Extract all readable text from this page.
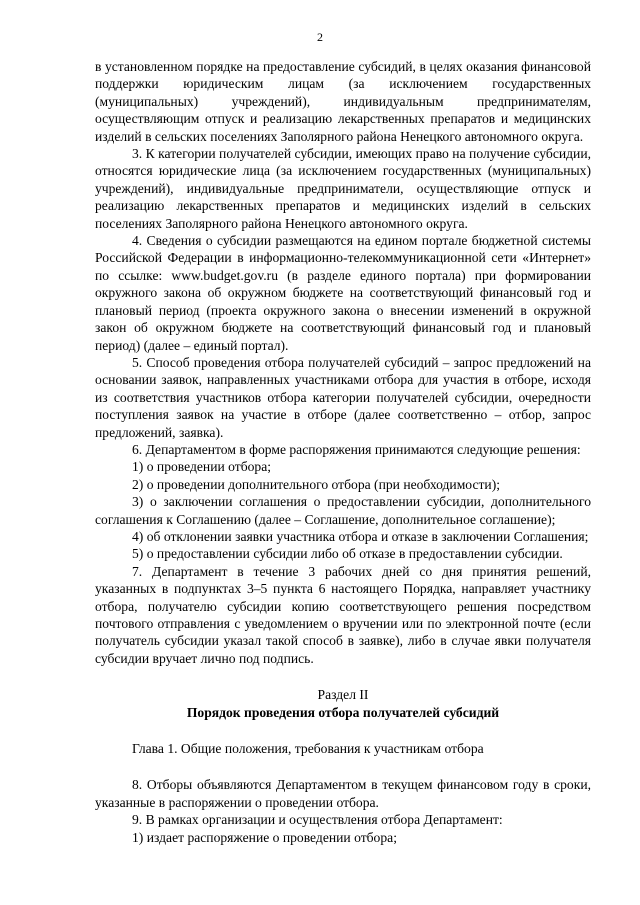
2

в установленном порядке на предоставление субсидий, в целях оказания финансовой поддержки юридическим лицам (за исключением государственных (муниципальных) учреждений), индивидуальным предпринимателям, осуществляющим отпуск и реализацию лекарственных препаратов и медицинских изделий в сельских поселениях Заполярного района Ненецкого автономного округа.

3. К категории получателей субсидии, имеющих право на получение субсидии, относятся юридические лица (за исключением государственных (муниципальных) учреждений), индивидуальные предприниматели, осуществляющие отпуск и реализацию лекарственных препаратов и медицинских изделий в сельских поселениях Заполярного района Ненецкого автономного округа.

4. Сведения о субсидии размещаются на едином портале бюджетной системы Российской Федерации в информационно-телекоммуникационной сети «Интернет» по ссылке: www.budget.gov.ru (в разделе единого портала) при формировании окружного закона об окружном бюджете на соответствующий финансовый год и плановый период (проекта окружного закона о внесении изменений в окружной закон об окружном бюджете на соответствующий финансовый год и плановый период) (далее – единый портал).

5. Способ проведения отбора получателей субсидий – запрос предложений на основании заявок, направленных участниками отбора для участия в отборе, исходя из соответствия участников отбора категории получателей субсидии, очередности поступления заявок на участие в отборе (далее соответственно – отбор, запрос предложений, заявка).

6. Департаментом в форме распоряжения принимаются следующие решения:

1) о проведении отбора;

2) о проведении дополнительного отбора (при необходимости);

3) о заключении соглашения о предоставлении субсидии, дополнительного соглашения к Соглашению (далее – Соглашение, дополнительное соглашение);

4) об отклонении заявки участника отбора и отказе в заключении Соглашения;

5) о предоставлении субсидии либо об отказе в предоставлении субсидии.

7. Департамент в течение 3 рабочих дней со дня принятия решений, указанных в подпунктах 3–5 пункта 6 настоящего Порядка, направляет участнику отбора, получателю субсидии копию соответствующего решения посредством почтового отправления с уведомлением о вручении или по электронной почте (если получатель субсидии указал такой способ в заявке), либо в случае явки получателя субсидии вручает лично под подпись.

Раздел II

Порядок проведения отбора получателей субсидий

Глава 1. Общие положения, требования к участникам отбора

8. Отборы объявляются Департаментом в текущем финансовом году в сроки, указанные в распоряжении о проведении отбора.

9. В рамках организации и осуществления отбора Департамент:

1) издает распоряжение о проведении отбора;
